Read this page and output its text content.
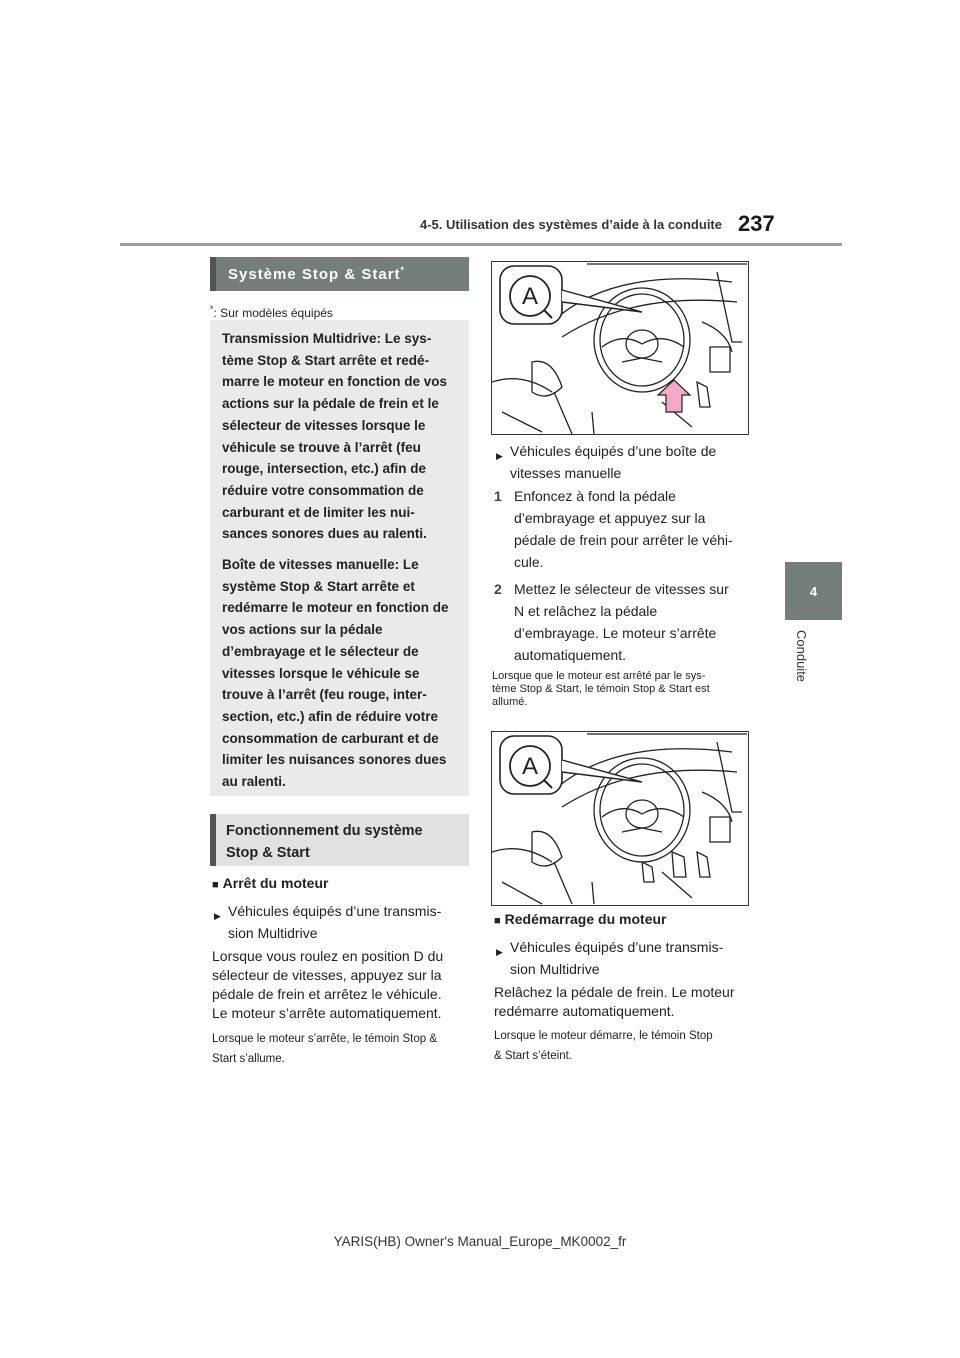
4-5. Utilisation des systèmes d’aide à la conduite 237
4
Conduite
Système Stop & Start*
*: Sur modèles équipés

Transmission Multidrive: Le sys-tème Stop & Start arrête et redé-marre le moteur en fonction de vos actions sur la pédale de frein et le sélecteur de vitesses lorsque le véhicule se trouve à l’arrêt (feu rouge, intersection, etc.) afin de réduire votre consommation de carburant et de limiter les nui-sances sonores dues au ralenti.

Boîte de vitesses manuelle: Le système Stop & Start arrête et redémarre le moteur en fonction de vos actions sur la pédale d’embrayage et le sélecteur de vitesses lorsque le véhicule se trouve à l’arrêt (feu rouge, inter-section, etc.) afin de réduire votre consommation de carburant et de limiter les nuisances sonores dues au ralenti.

Fonctionnement du système
Stop & Start
■ Arrêt du moteur
▶ Véhicules équipés d’une transmis-
sion Multidrive
Lorsque vous roulez en position D du
sélecteur de vitesses, appuyez sur la
pédale de frein et arrêtez le véhicule.
Le moteur s’arrête automatiquement.
Lorsque le moteur s’arrête, le témoin Stop &
Start s’allume.
A
▶ Véhicules équipés d’une boîte de
vitesses manuelle
1 Enfoncez à fond la pédale
d’embrayage et appuyez sur la
pédale de frein pour arrêter le véhi-
cule.
2 Mettez le sélecteur de vitesses sur
N et relâchez la pédale
d’embrayage. Le moteur s’arrête
automatiquement.
Lorsque que le moteur est arrêté par le sys-
tème Stop & Start, le témoin Stop & Start est
allumé.
A
■ Redémarrage du moteur
▶ Véhicules équipés d’une transmis-
sion Multidrive
Relâchez la pédale de frein. Le moteur
redémarre automatiquement.
Lorsque le moteur démarre, le témoin Stop
& Start s’éteint.
YARIS(HB) Owner's Manual_Europe_MK0002_fr
